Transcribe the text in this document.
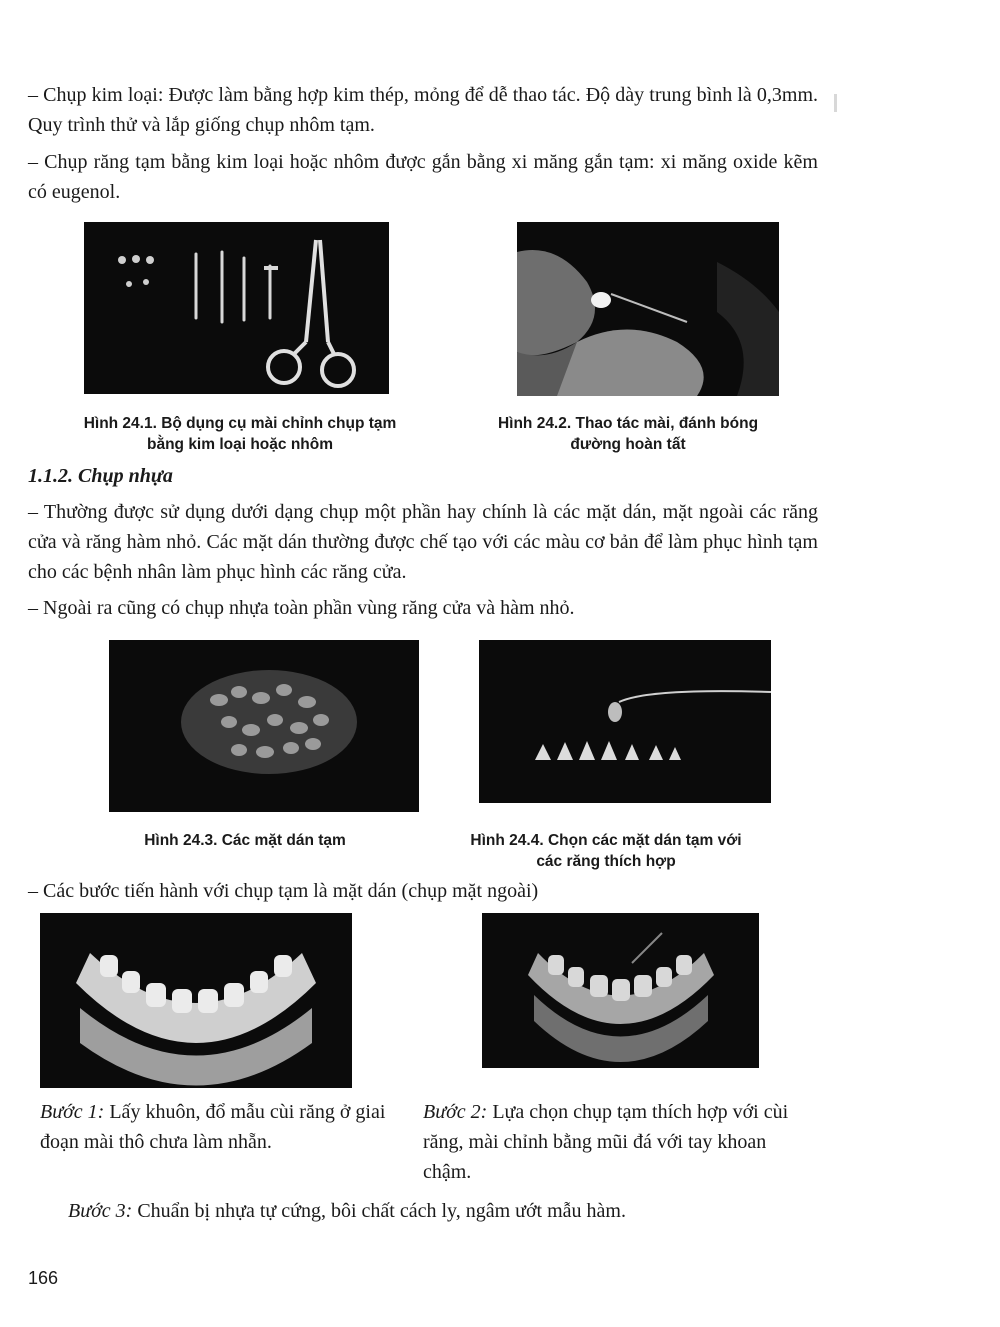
– Chụp kim loại: Được làm bằng hợp kim thép, mỏng để dễ thao tác. Độ dày trung bình là 0,3mm. Quy trình thử và lắp giống chụp nhôm tạm.

– Chụp răng tạm bằng kim loại hoặc nhôm được gắn bằng xi măng gắn tạm: xi măng oxide kẽm có eugenol.

Hình 24.1. Bộ dụng cụ mài chỉnh chụp tạm
bằng kim loại hoặc nhôm
Hình 24.2. Thao tác mài, đánh bóng
đường hoàn tất
1.1.2. Chụp nhựa

– Thường được sử dụng dưới dạng chụp một phần hay chính là các mặt dán, mặt ngoài các răng cửa và răng hàm nhỏ. Các mặt dán thường được chế tạo với các màu cơ bản để làm phục hình tạm cho các bệnh nhân làm phục hình các răng cửa.

– Ngoài ra cũng có chụp nhựa toàn phần vùng răng cửa và hàm nhỏ.

Hình 24.3. Các mặt dán tạm	Hình 24.4. Chọn các mặt dán tạm với
các răng thích hợp

– Các bước tiến hành với chụp tạm là mặt dán (chụp mặt ngoài)

Bước 1: Lấy khuôn, đổ mẫu cùi răng ở giai đoạn mài thô chưa làm nhẵn.

Bước 2: Lựa chọn chụp tạm thích hợp với cùi răng, mài chỉnh bằng mũi đá với tay khoan chậm.

Bước 3: Chuẩn bị nhựa tự cứng, bôi chất cách ly, ngâm ướt mẫu hàm.

166
